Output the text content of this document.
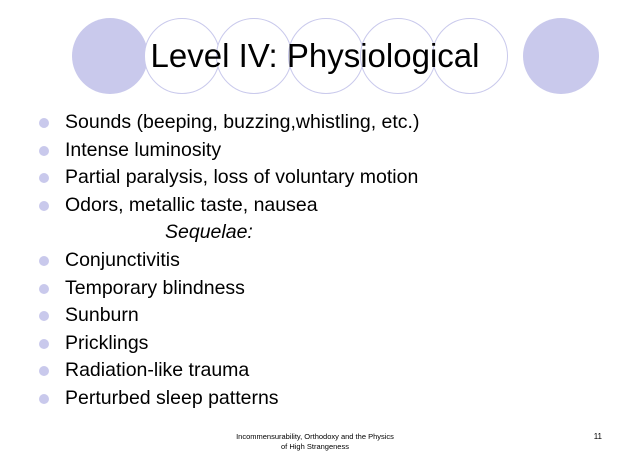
Level IV: Physiological
Sounds (beeping, buzzing,whistling, etc.)
Intense luminosity
Partial paralysis, loss of voluntary motion
Odors, metallic taste, nausea
Sequelae:
Conjunctivitis
Temporary blindness
Sunburn
Pricklings
Radiation-like trauma
Perturbed sleep patterns
Incommensurability, Orthodoxy and the Physics
of High Strangeness
11
